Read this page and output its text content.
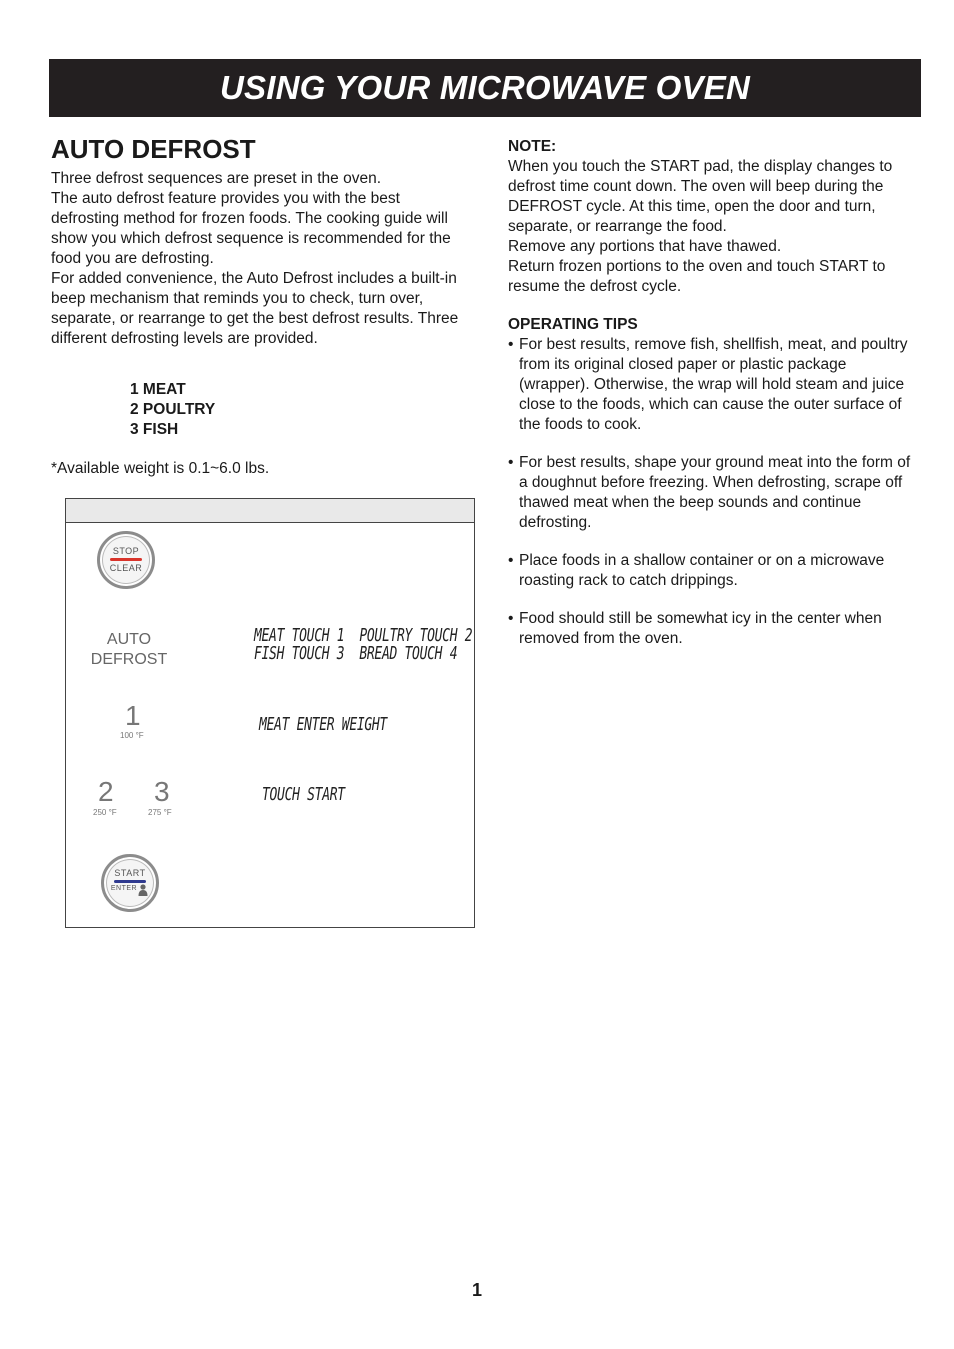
USING YOUR MICROWAVE OVEN
AUTO DEFROST

Three defrost sequences are preset in the oven.

The auto defrost feature provides you with the best defrosting method for frozen foods. The cooking guide will show you which defrost sequence is recommended for the food you are defrosting.

For added convenience, the Auto Defrost includes a built-in beep mechanism that reminds you to check, turn over, separate, or rearrange to get the best defrost results. Three different defrosting levels are provided.

1 MEAT
2 POULTRY
3 FISH
*Available weight is 0.1~6.0 lbs.
STOP
CLEAR
AUTO
DEFROST
MEAT TOUCH 1  POULTRY TOUCH 2
FISH TOUCH 3  BREAD TOUCH 4
1
100 °F
MEAT ENTER WEIGHT
2
250 °F
3
275 °F
TOUCH START
START
ENTER

NOTE:

When you touch the START pad, the display changes to defrost time count down. The oven will beep during the DEFROST cycle. At this time, open the door and turn, separate, or rearrange the food.

Remove any portions that have thawed.

Return frozen portions to the oven and touch START to resume the defrost cycle.

OPERATING TIPS

• For best results, remove fish, shellfish, meat, and poultry from its original closed paper or plastic package (wrapper). Otherwise, the wrap will hold steam and juice close to the foods, which can cause the outer surface of the foods to cook.

• For best results, shape your ground meat into the form of a doughnut before freezing. When defrosting, scrape off thawed meat when the beep sounds and continue defrosting.

• Place foods in a shallow container or on a microwave roasting rack to catch drippings.

• Food should still be somewhat icy in the center when removed from the oven.

1
